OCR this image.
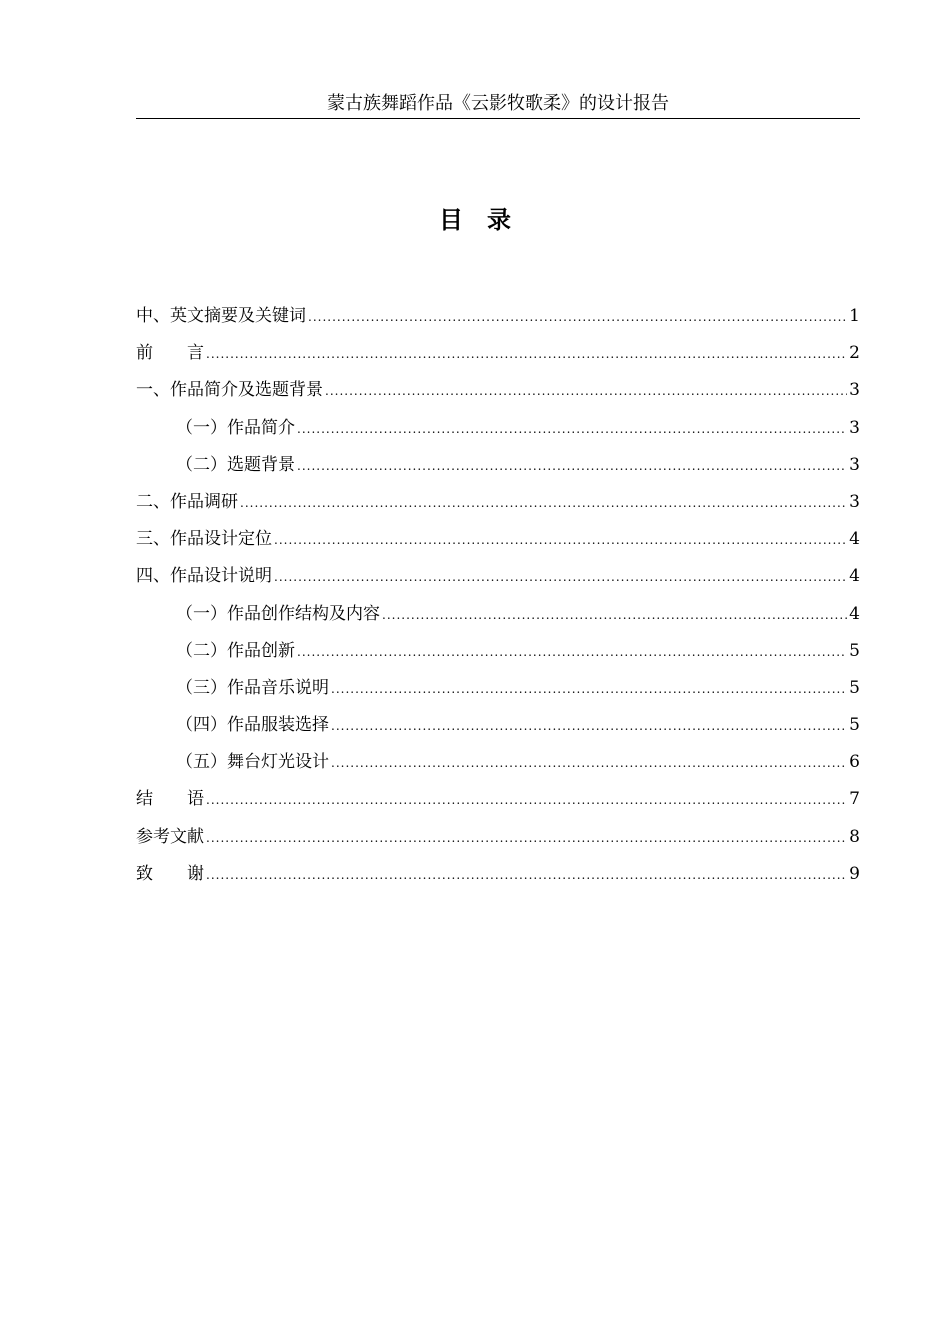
蒙古族舞蹈作品《云影牧歌柔》的设计报告
目　录
中、英文摘要及关键词 .....	1
前　　言 .....	2
一、作品简介及选题背景 .....	3
（一）作品简介 .....	3
（二）选题背景 .....	3
二、作品调研 .....	3
三、作品设计定位 .....	4
四、作品设计说明 .....	4
（一）作品创作结构及内容 .....	4
（二）作品创新 .....	5
（三）作品音乐说明 .....	5
（四）作品服装选择 .....	5
（五）舞台灯光设计 .....	6
结　　语 .....	7
参考文献 .....	8
致　　谢 .....	9
